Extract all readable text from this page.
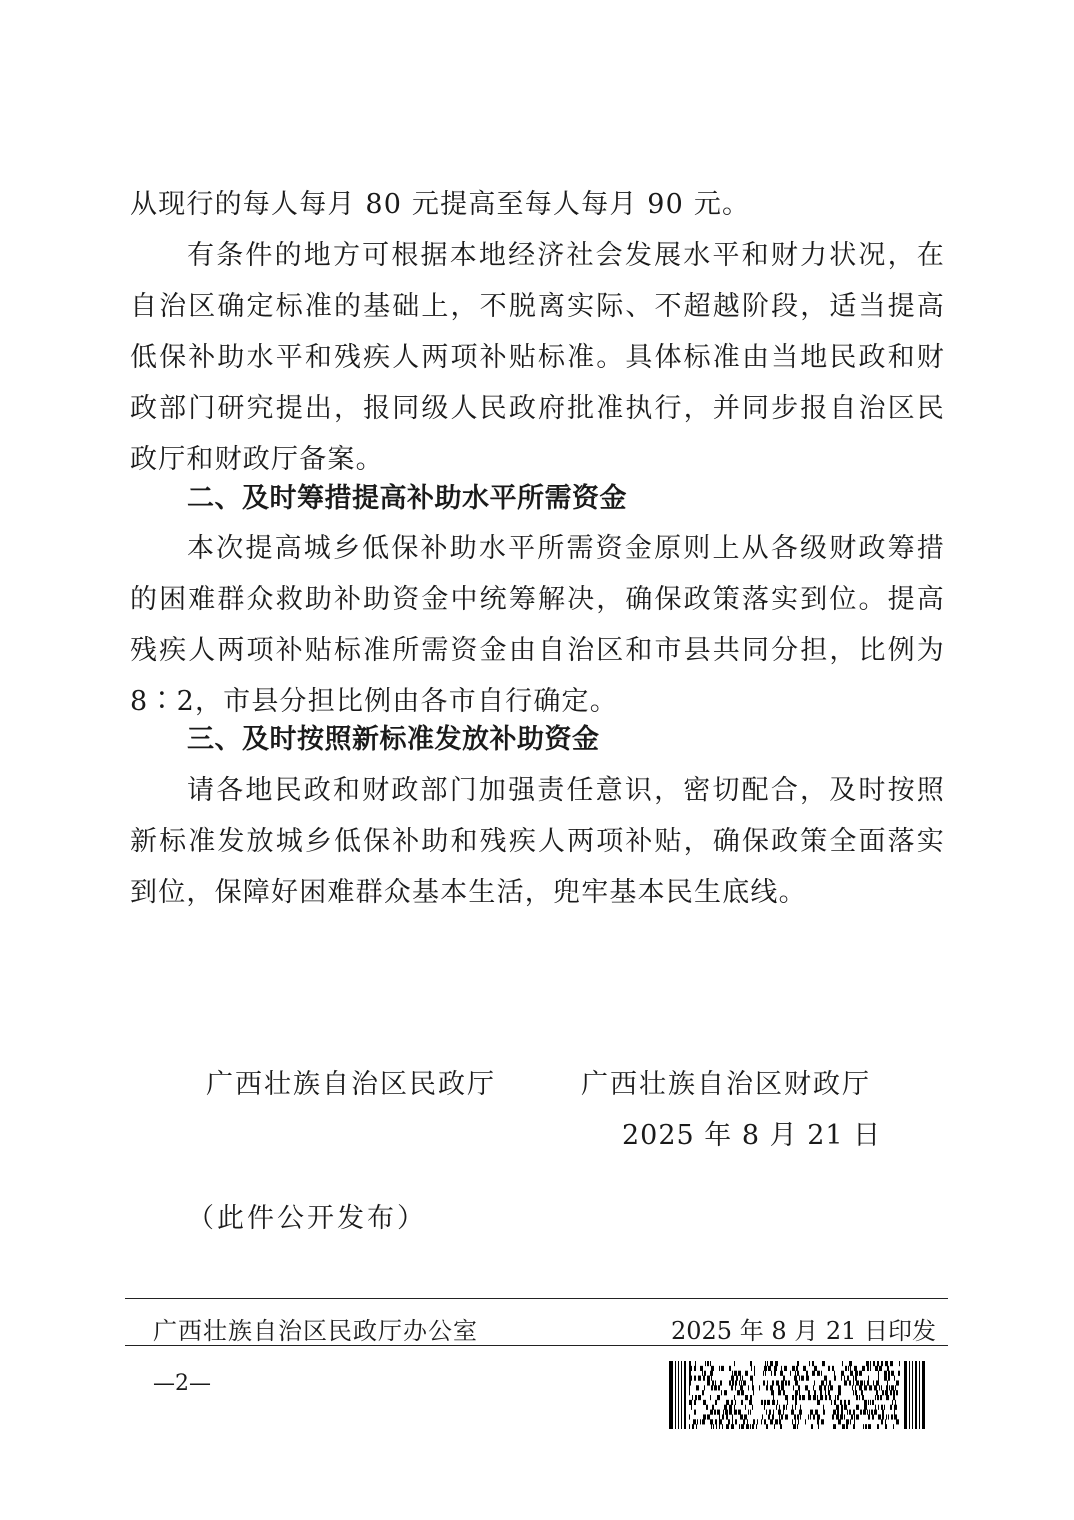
从现行的每人每月 80 元提高至每人每月 90 元。

有条件的地方可根据本地经济社会发展水平和财力状况，在自治区确定标准的基础上，不脱离实际、不超越阶段，适当提高低保补助水平和残疾人两项补贴标准。具体标准由当地民政和财政部门研究提出，报同级人民政府批准执行，并同步报自治区民政厅和财政厅备案。

二、及时筹措提高补助水平所需资金

本次提高城乡低保补助水平所需资金原则上从各级财政筹措的困难群众救助补助资金中统筹解决，确保政策落实到位。提高残疾人两项补贴标准所需资金由自治区和市县共同分担，比例为 8∶2，市县分担比例由各市自行确定。

三、及时按照新标准发放补助资金

请各地民政和财政部门加强责任意识，密切配合，及时按照新标准发放城乡低保补助和残疾人两项补贴，确保政策全面落实到位，保障好困难群众基本生活，兜牢基本民生底线。

广西壮族自治区民政厅	广西壮族自治区财政厅
2025 年 8 月 21 日
（此件公开发布）
广西壮族自治区民政厅办公室	2025 年 8 月 21 日印发
—2—
